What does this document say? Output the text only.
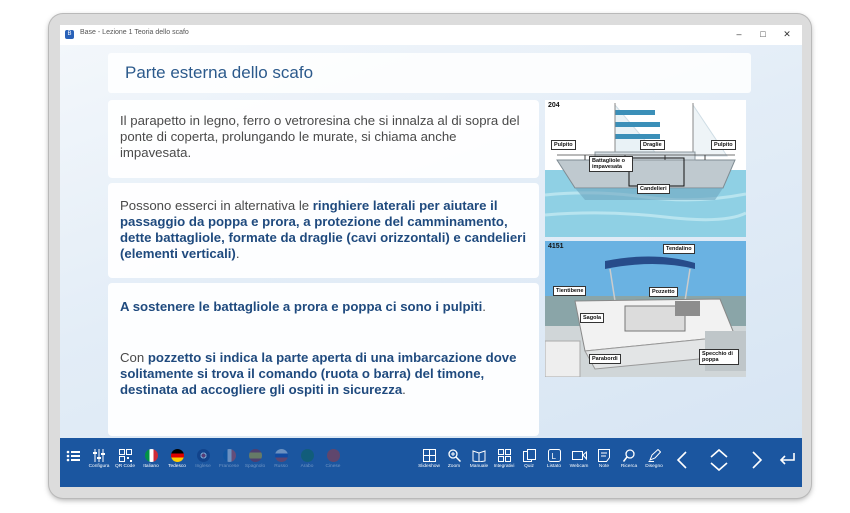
B	Base - Lezione 1 Teoria dello scafo	–	□	✕
Parte esterna dello scafo
Il parapetto in legno, ferro o vetroresina che si innalza al di sopra del ponte di coperta, prolungando le murate, si chiama anche impavesata.
Possono esserci in alternativa le ringhiere laterali per aiutare il passaggio da poppa e prora, a protezione del camminamento, dette battagliole, formate da draglie (cavi orizzontali) e candelieri (elementi verticali).
A sostenere le battagliole a prora e poppa ci sono i pulpiti.
Con pozzetto si indica la parte aperta di una imbarcazione dove solitamente si trova il comando (ruota o barra) del timone, destinata ad accogliere gli ospiti in sicurezza.
204
Pulpito	Draglie	Pulpito
Battagliole o impavesata
Candelieri
4151	Tendalino
Tientibene	Pozzetto
Sagola
Parabordi
Specchio di poppa
Configura	QR Code	Italiano	Tedesco	Inglese	Francese	Spagnolo	Russo	Arabo	Cinese	Slideshow	Zoom	Manuale	Integrativi	Quiz
L
Listato	Webcam	Note	Ricerca	Disegno
